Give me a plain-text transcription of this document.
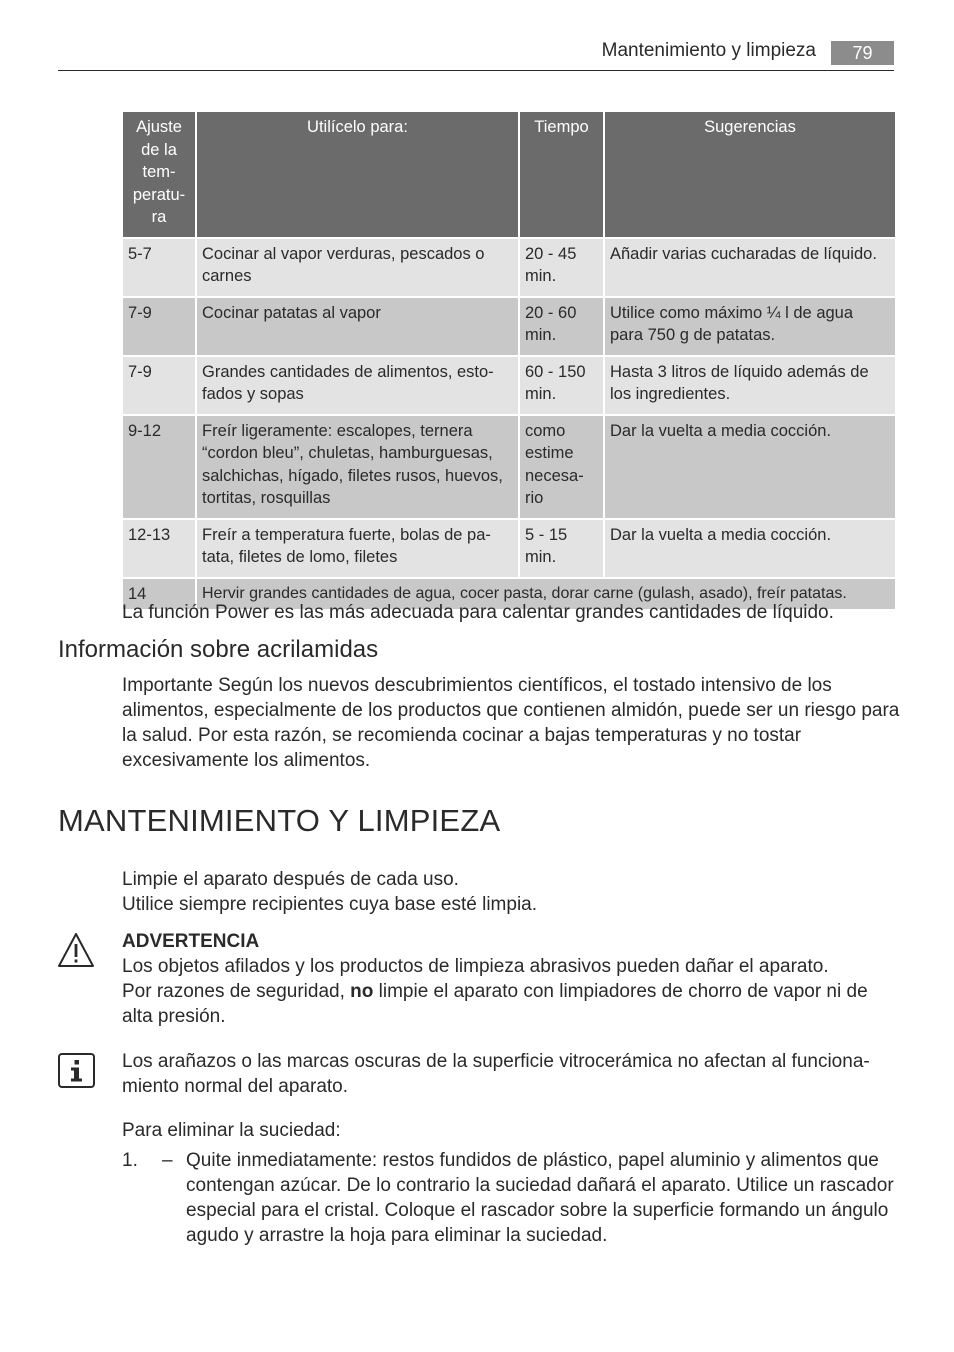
Mantenimiento y limpieza	79
Ajuste de la tem- peratu- ra	Utilícelo para:	Tiempo	Sugerencias
5-7	Cocinar al vapor verduras, pescados o carnes	20 - 45 min.	Añadir varias cucharadas de líquido.
7-9	Cocinar patatas al vapor	20 - 60 min.	Utilice como máximo ¼ l de agua para 750 g de patatas.
7-9	Grandes cantidades de alimentos, esto- fados y sopas	60 - 150 min.	Hasta 3 litros de líquido además de los ingredientes.
9-12	Freír ligeramente: escalopes, ternera “cordon bleu”, chuletas, hamburguesas, salchichas, hígado, filetes rusos, huevos, tortitas, rosquillas	como estime necesa- rio	Dar la vuelta a media cocción.
12-13	Freír a temperatura fuerte, bolas de pa- tata, filetes de lomo, filetes	5 - 15 min.	Dar la vuelta a media cocción.
14	Hervir grandes cantidades de agua, cocer pasta, dorar carne (gulash, asado), freír patatas.		
La función Power es las más adecuada para calentar grandes cantidades de líquido.
Información sobre acrilamidas
Importante Según los nuevos descubrimientos científicos, el tostado intensivo de los
alimentos, especialmente de los productos que contienen almidón, puede ser un riesgo para
la salud. Por esta razón, se recomienda cocinar a bajas temperaturas y no tostar
excesivamente los alimentos.
MANTENIMIENTO Y LIMPIEZA
Limpie el aparato después de cada uso.
Utilice siempre recipientes cuya base esté limpia.
ADVERTENCIA
Los objetos afilados y los productos de limpieza abrasivos pueden dañar el aparato.
Por razones de seguridad, no limpie el aparato con limpiadores de chorro de vapor ni de
alta presión.
Los arañazos o las marcas oscuras de la superficie vitrocerámica no afectan al funciona-
miento normal del aparato.
Para eliminar la suciedad:
1. – Quite inmediatamente: restos fundidos de plástico, papel aluminio y alimentos que
contengan azúcar. De lo contrario la suciedad dañará el aparato. Utilice un rascador
especial para el cristal. Coloque el rascador sobre la superficie formando un ángulo
agudo y arrastre la hoja para eliminar la suciedad.
